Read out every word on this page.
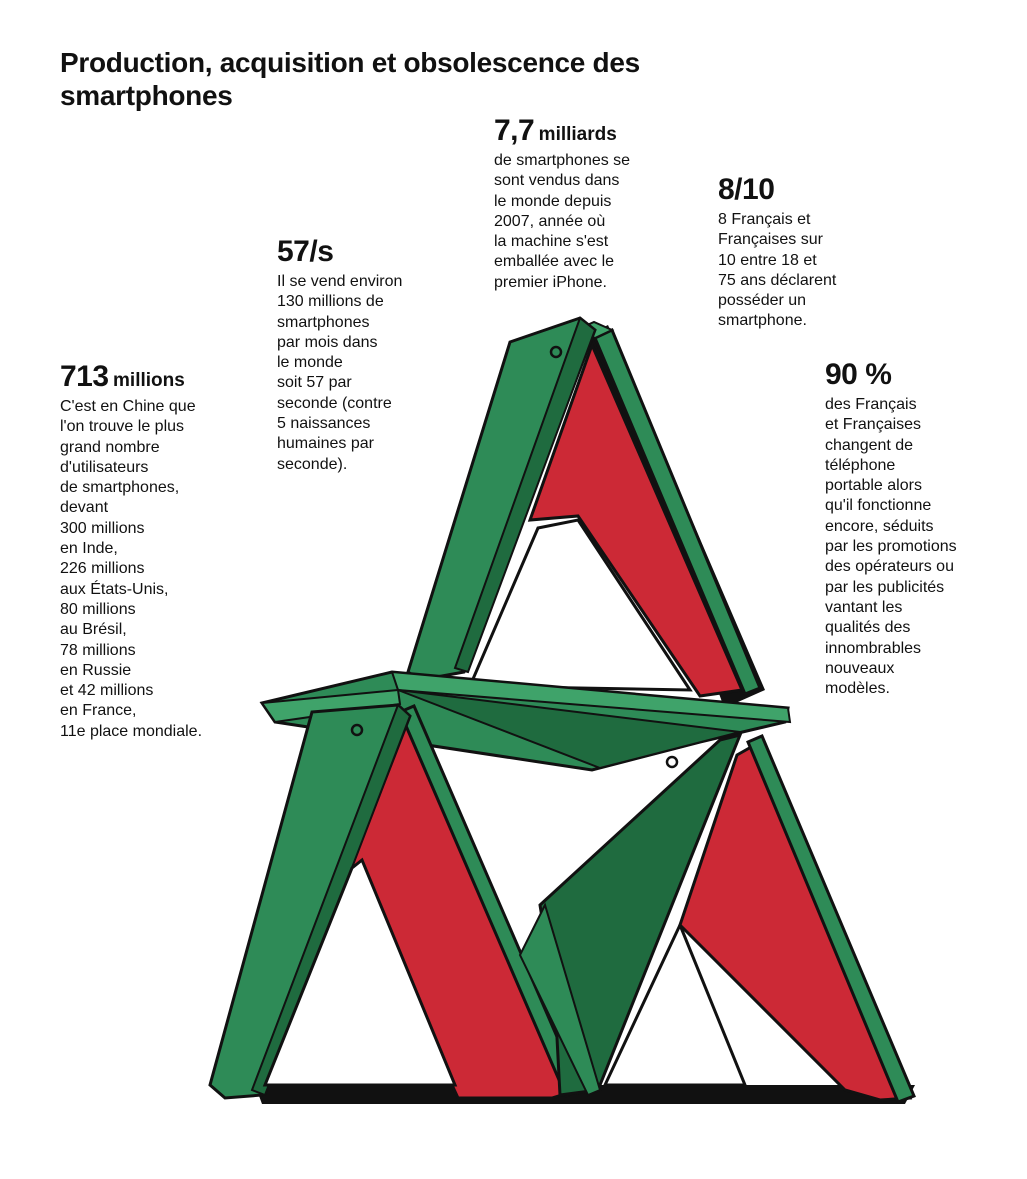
Production, acquisition et obsolescence des smartphones

713 millions

C'est en Chine que
l'on trouve le plus
grand nombre
d'utilisateurs
de smartphones,
devant
300 millions
en Inde,
226 millions
aux États-Unis,
80 millions
au Brésil,
78 millions
en Russie
et 42 millions
en France,
11e place mondiale.

57/s

Il se vend environ
130 millions de
smartphones
par mois dans
le monde
soit 57 par
seconde (contre
5 naissances
humaines par
seconde).

7,7 milliards

de smartphones se
sont vendus dans
le monde depuis
2007, année où
la machine s'est
emballée avec le
premier iPhone.

8/10

8 Français et
Françaises sur
10 entre 18 et
75 ans déclarent
posséder un
smartphone.

90 %

des Français
et Françaises
changent de
téléphone
portable alors
qu'il fonctionne
encore, séduits
par les promotions
des opérateurs ou
par les publicités
vantant les
qualités des
innombrables
nouveaux
modèles.
